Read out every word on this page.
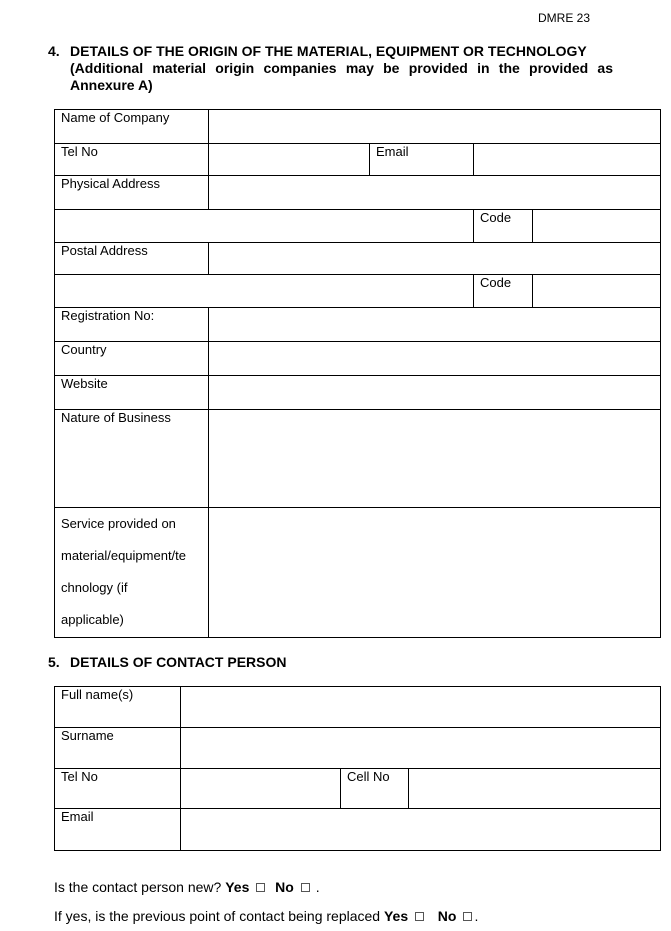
DMRE 23
4. DETAILS OF THE ORIGIN OF THE MATERIAL, EQUIPMENT OR TECHNOLOGY
(Additional material origin companies may be provided in the provided as Annexure A)
Name of Company				
Tel No		Email		
Physical Address				
			Code	
Postal Address				
			Code	
Registration No:				
Country				
Website				
Nature of Business				
Service provided on
material/equipment/te
chnology (if
applicable)				
5. DETAILS OF CONTACT PERSON
Full name(s)			
Surname			
Tel No		Cell No	
Email			
Is the contact person new? Yes No .
If yes, is the previous point of contact being replaced Yes No .
